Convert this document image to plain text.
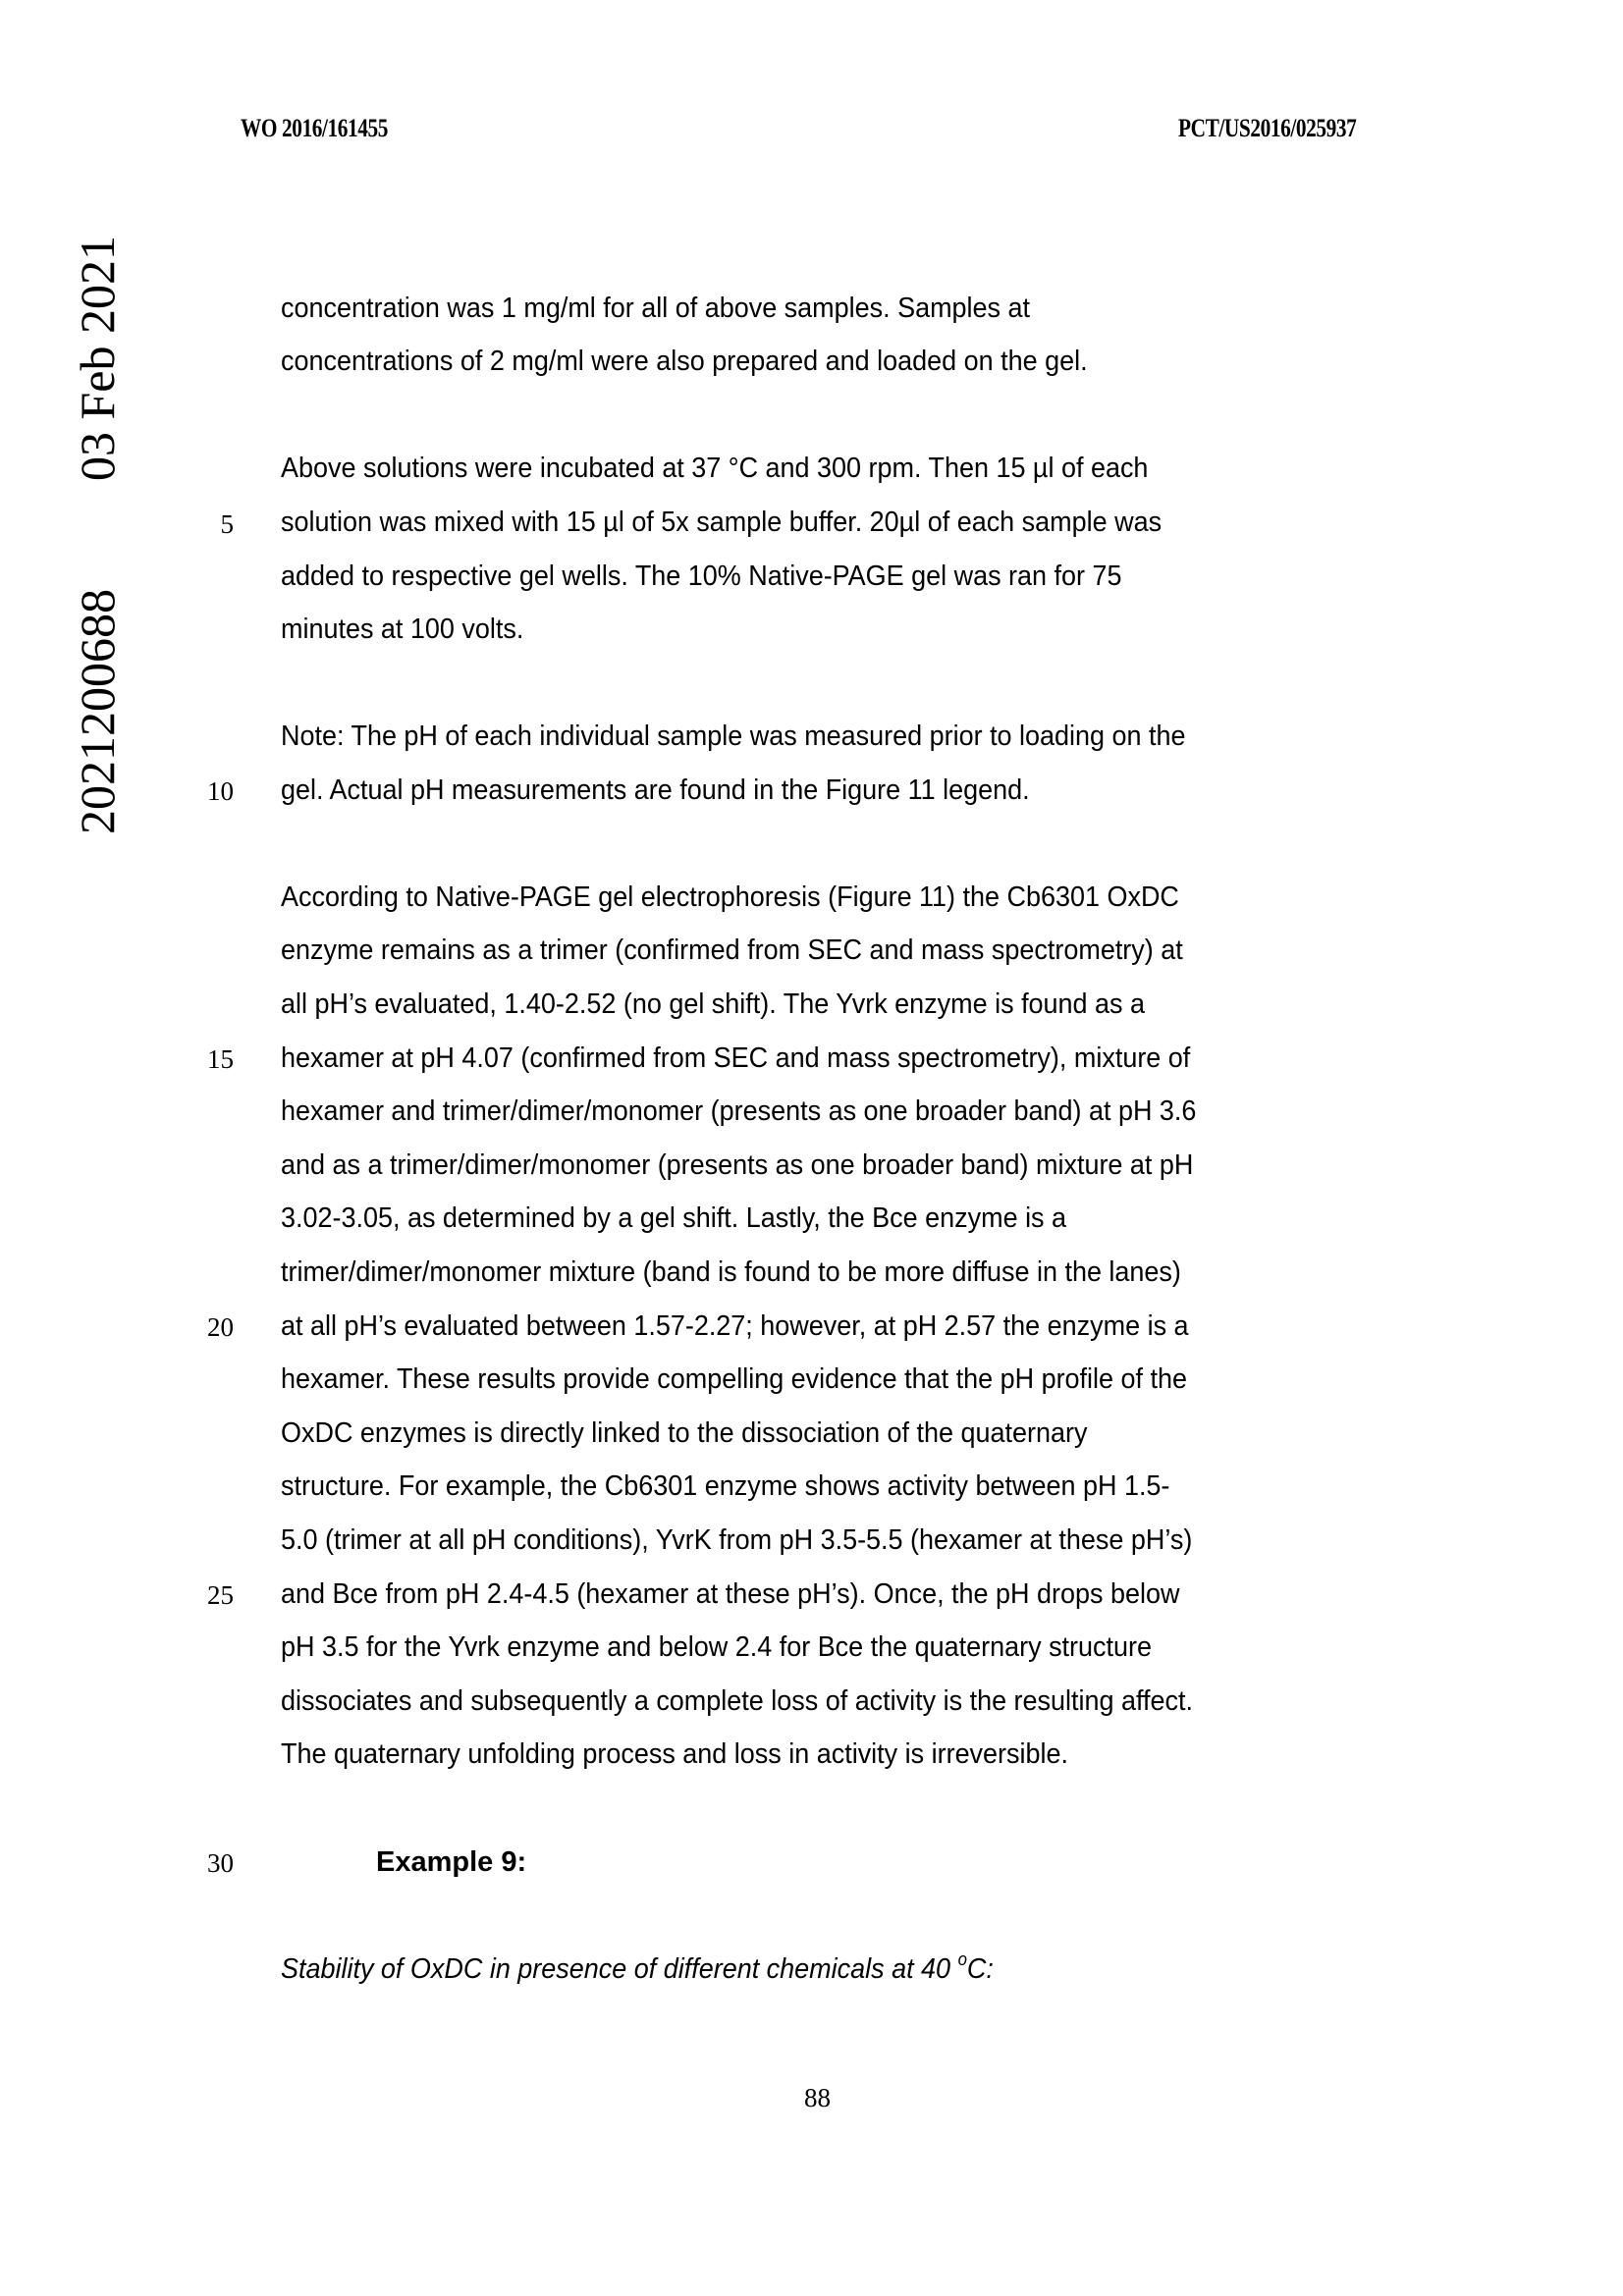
WO 2016/161455	PCT/US2016/025937
03 Feb 2021
2021200688
5
10
15
20
25
30
concentration was 1 mg/ml for all of above samples. Samples at
concentrations of 2 mg/ml were also prepared and loaded on the gel.
Above solutions were incubated at 37 °C and 300 rpm. Then 15 µl of each
solution was mixed with 15 µl of 5x sample buffer. 20µl of each sample was
added to respective gel wells. The 10% Native-PAGE gel was ran for 75
minutes at 100 volts.
Note: The pH of each individual sample was measured prior to loading on the
gel. Actual pH measurements are found in the Figure 11 legend.
According to Native-PAGE gel electrophoresis (Figure 11) the Cb6301 OxDC
enzyme remains as a trimer (confirmed from SEC and mass spectrometry) at
all pH’s evaluated, 1.40-2.52 (no gel shift). The Yvrk enzyme is found as a
hexamer at pH 4.07 (confirmed from SEC and mass spectrometry), mixture of
hexamer and trimer/dimer/monomer (presents as one broader band) at pH 3.6
and as a trimer/dimer/monomer (presents as one broader band) mixture at pH
3.02-3.05, as determined by a gel shift. Lastly, the Bce enzyme is a
trimer/dimer/monomer mixture (band is found to be more diffuse in the lanes)
at all pH’s evaluated between 1.57-2.27; however, at pH 2.57 the enzyme is a
hexamer. These results provide compelling evidence that the pH profile of the
OxDC enzymes is directly linked to the dissociation of the quaternary
structure. For example, the Cb6301 enzyme shows activity between pH 1.5-
5.0 (trimer at all pH conditions), YvrK from pH 3.5-5.5 (hexamer at these pH’s)
and Bce from pH 2.4-4.5 (hexamer at these pH’s). Once, the pH drops below
pH 3.5 for the Yvrk enzyme and below 2.4 for Bce the quaternary structure
dissociates and subsequently a complete loss of activity is the resulting affect.
The quaternary unfolding process and loss in activity is irreversible.
Example 9:
Stability of OxDC in presence of different chemicals at 40 $^o$C:
88
